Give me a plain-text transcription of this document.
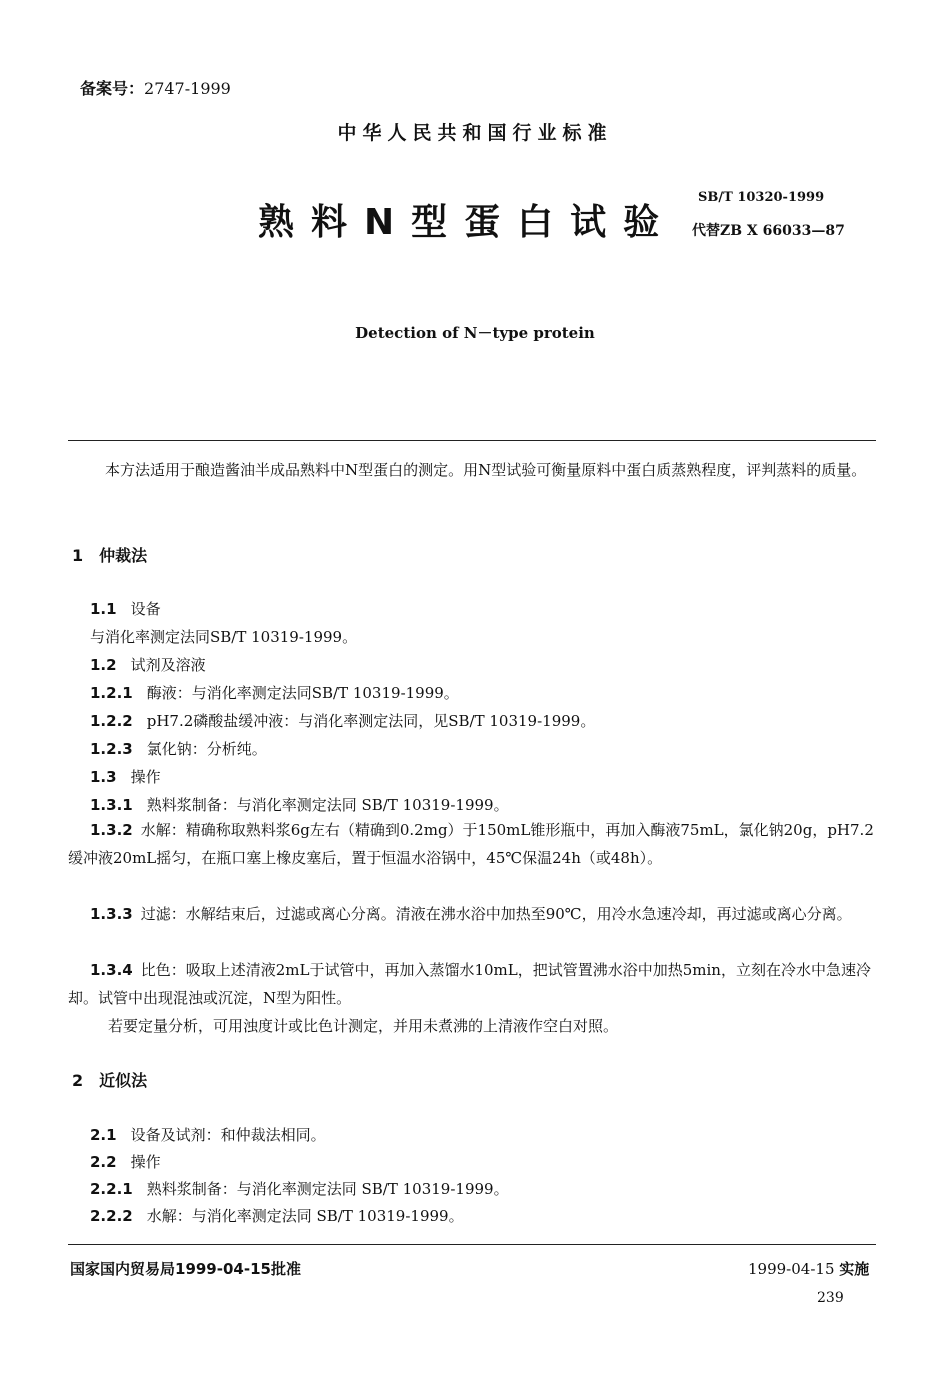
备案号：2747-1999
中华人民共和国行业标准
熟料N型蛋白试验
SB/T 10320-1999
代替ZB X 66033—87
Detection of N－type protein
本方法适用于酿造酱油半成品熟料中N型蛋白的测定。用N型试验可衡量原料中蛋白质蒸熟程度，评判蒸料的质量。
1　仲裁法
1.1 设备
与消化率测定法同SB/T 10319-1999。
1.2 试剂及溶液
1.2.1 酶液：与消化率测定法同SB/T 10319-1999。
1.2.2 pH7.2磷酸盐缓冲液：与消化率测定法同，见SB/T 10319-1999。
1.2.3 氯化钠：分析纯。
1.3 操作
1.3.1 熟料浆制备：与消化率测定法同 SB/T 10319-1999。
1.3.2 水解：精确称取熟料浆6g左右（精确到0.2mg）于150mL锥形瓶中，再加入酶液75mL，氯化钠20g，pH7.2缓冲液20mL摇匀，在瓶口塞上橡皮塞后，置于恒温水浴锅中，45℃保温24h（或48h）。
1.3.3 过滤：水解结束后，过滤或离心分离。清液在沸水浴中加热至90℃，用冷水急速冷却，再过滤或离心分离。
1.3.4 比色：吸取上述清液2mL于试管中，再加入蒸馏水10mL，把试管置沸水浴中加热5min，立刻在冷水中急速冷却。试管中出现混浊或沉淀，N型为阳性。
若要定量分析，可用浊度计或比色计测定，并用未煮沸的上清液作空白对照。
2　近似法
2.1 设备及试剂：和仲裁法相同。
2.2 操作
2.2.1 熟料浆制备：与消化率测定法同 SB/T 10319-1999。
2.2.2 水解：与消化率测定法同 SB/T 10319-1999。
国家国内贸易局1999-04-15批准	1999-04-15 实施
239
